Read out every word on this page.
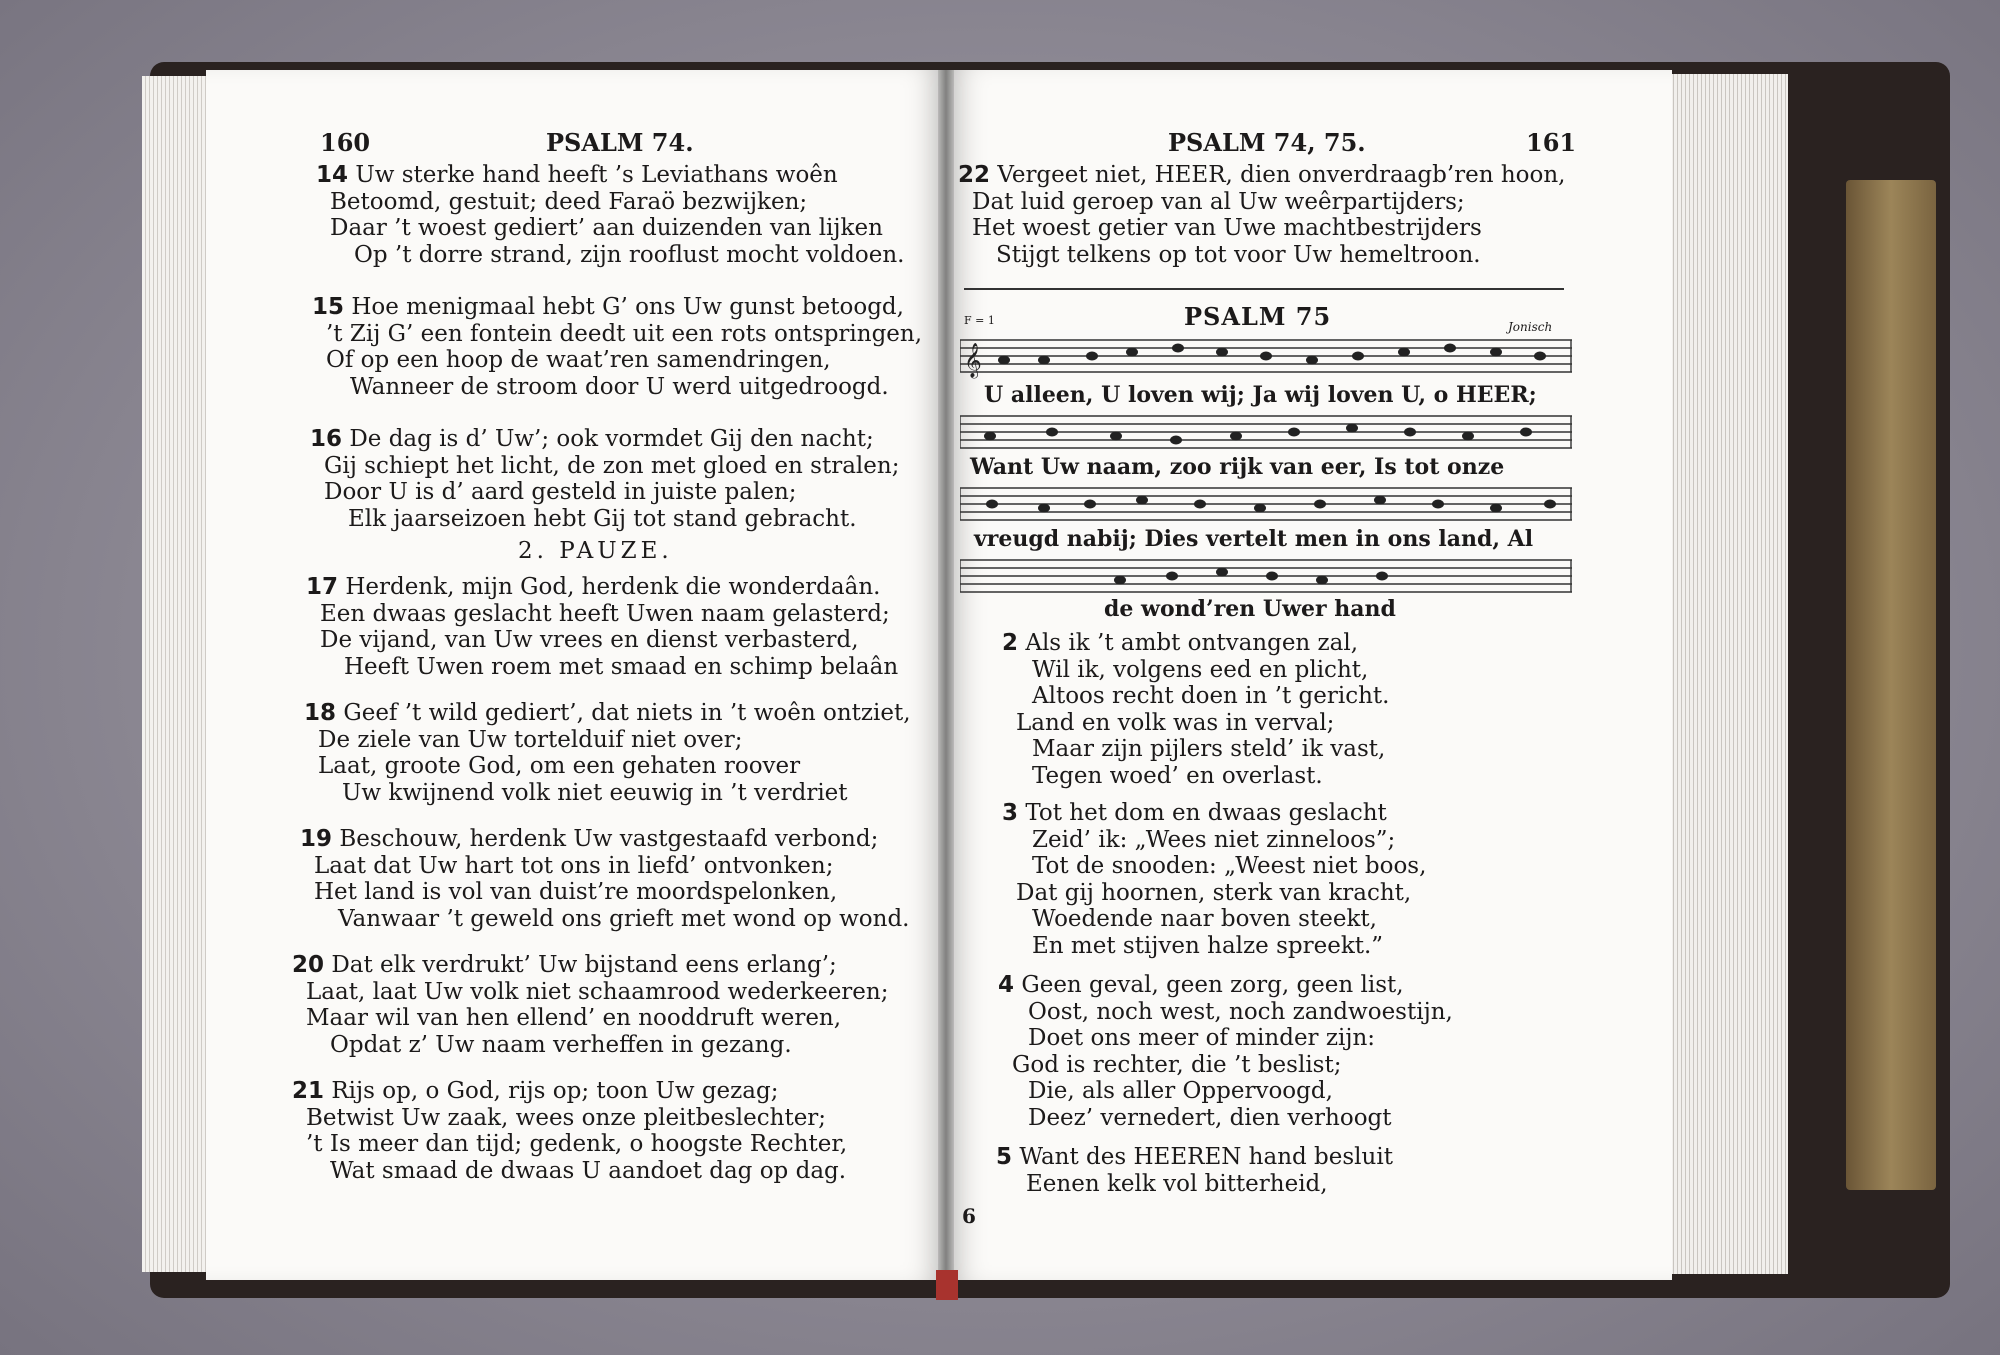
160	PSALM 74.
14 Uw sterke hand heeft ’s Leviathans woên
Betoomd, gestuit; deed Faraö bezwijken;
Daar ’t woest gediert’ aan duizenden van lijken
Op ’t dorre strand, zijn rooflust mocht voldoen.
15 Hoe menigmaal hebt G’ ons Uw gunst betoogd,
’t Zij G’ een fontein deedt uit een rots ontspringen,
Of op een hoop de waat’ren samendringen,
Wanneer de stroom door U werd uitgedroogd.
16 De dag is d’ Uw’; ook vormdet Gij den nacht;
Gij schiept het licht, de zon met gloed en stralen;
Door U is d’ aard gesteld in juiste palen;
Elk jaarseizoen hebt Gij tot stand gebracht.
2. PAUZE.
17 Herdenk, mijn God, herdenk die wonderdaân.
Een dwaas geslacht heeft Uwen naam gelasterd;
De vijand, van Uw vrees en dienst verbasterd,
Heeft Uwen roem met smaad en schimp belaân
18 Geef ’t wild gediert’, dat niets in ’t woên ontziet,
De ziele van Uw tortelduif niet over;
Laat, groote God, om een gehaten roover
Uw kwijnend volk niet eeuwig in ’t verdriet
19 Beschouw, herdenk Uw vastgestaafd verbond;
Laat dat Uw hart tot ons in liefd’ ontvonken;
Het land is vol van duist’re moordspelonken,
Vanwaar ’t geweld ons grieft met wond op wond.
20 Dat elk verdrukt’ Uw bijstand eens erlang’;
Laat, laat Uw volk niet schaamrood wederkeeren;
Maar wil van hen ellend’ en nooddruft weren,
Opdat z’ Uw naam verheffen in gezang.
21 Rijs op, o God, rijs op; toon Uw gezag;
Betwist Uw zaak, wees onze pleitbeslechter;
’t Is meer dan tijd; gedenk, o hoogste Rechter,
Wat smaad de dwaas U aandoet dag op dag.
PSALM 74, 75.	161
22 Vergeet niet, HEER, dien onverdraagb’ren hoon,
Dat luid geroep van al Uw weêrpartijders;
Het woest getier van Uwe machtbestrijders
Stijgt telkens op tot voor Uw hemeltroon.
PSALM 75
F = 1	Jonisch
𝄞
U alleen, U loven wij; Ja wij loven U, o HEER;
Want Uw naam, zoo rijk van eer, Is tot onze
vreugd nabij; Dies vertelt men in ons land, Al
de wond’ren Uwer hand
2 Als ik ’t ambt ontvangen zal,
Wil ik, volgens eed en plicht,
Altoos recht doen in ’t gericht.
Land en volk was in verval;
Maar zijn pijlers steld’ ik vast,
Tegen woed’ en overlast.
3 Tot het dom en dwaas geslacht
Zeid’ ik: „Wees niet zinneloos”;
Tot de snooden: „Weest niet boos,
Dat gij hoornen, sterk van kracht,
Woedende naar boven steekt,
En met stijven halze spreekt.”
4 Geen geval, geen zorg, geen list,
Oost, noch west, noch zandwoestijn,
Doet ons meer of minder zijn:
God is rechter, die ’t beslist;
Die, als aller Oppervoogd,
Deez’ vernedert, dien verhoogt
5 Want des HEEREN hand besluit
Eenen kelk vol bitterheid,
6
